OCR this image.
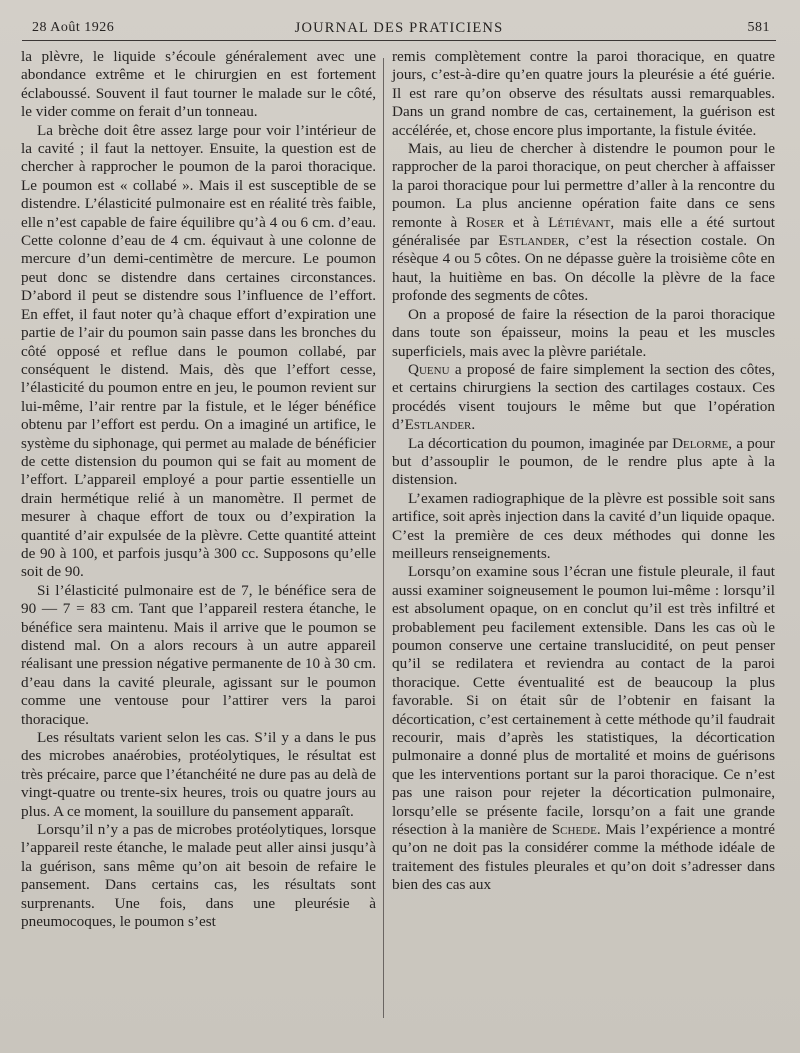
28 Août 1926	JOURNAL DES PRATICIENS	581

la plèvre, le liquide s’écoule généralement avec une abondance extrême et le chirurgien en est fortement éclaboussé. Souvent il faut tourner le malade sur le côté, le vider comme on ferait d’un tonneau.

La brèche doit être assez large pour voir l’intérieur de la cavité ; il faut la nettoyer. Ensuite, la question est de chercher à rapprocher le poumon de la paroi thoracique. Le poumon est « collabé ». Mais il est susceptible de se distendre. L’élasticité pulmonaire est en réalité très faible, elle n’est capable de faire équilibre qu’à 4 ou 6 cm. d’eau. Cette colonne d’eau de 4 cm. équivaut à une colonne de mercure d’un demi-centimètre de mercure. Le poumon peut donc se distendre dans certaines circonstances. D’abord il peut se distendre sous l’influence de l’effort. En effet, il faut noter qu’à chaque effort d’expiration une partie de l’air du poumon sain passe dans les bronches du côté opposé et reflue dans le poumon collabé, par conséquent le distend. Mais, dès que l’effort cesse, l’élasticité du poumon entre en jeu, le poumon revient sur lui-même, l’air rentre par la fistule, et le léger bénéfice obtenu par l’effort est perdu. On a imaginé un artifice, le système du siphonage, qui permet au malade de bénéficier de cette distension du poumon qui se fait au moment de l’effort. L’appareil employé a pour partie essentielle un drain hermétique relié à un manomètre. Il permet de mesurer à chaque effort de toux ou d’expiration la quantité d’air expulsée de la plèvre. Cette quantité atteint de 90 à 100, et parfois jusqu’à 300 cc. Supposons qu’elle soit de 90.

Si l’élasticité pulmonaire est de 7, le bénéfice sera de 90 — 7 = 83 cm. Tant que l’appareil restera étanche, le bénéfice sera maintenu. Mais il arrive que le poumon se distend mal. On a alors recours à un autre appareil réalisant une pression négative permanente de 10 à 30 cm. d’eau dans la cavité pleurale, agissant sur le poumon comme une ventouse pour l’attirer vers la paroi thoracique.

Les résultats varient selon les cas. S’il y a dans le pus des microbes anaérobies, protéolytiques, le résultat est très précaire, parce que l’étanchéité ne dure pas au delà de vingt-quatre ou trente-six heures, trois ou quatre jours au plus. A ce moment, la souillure du pansement apparaît.

Lorsqu’il n’y a pas de microbes protéolytiques, lorsque l’appareil reste étanche, le malade peut aller ainsi jusqu’à la guérison, sans même qu’on ait besoin de refaire le pansement. Dans certains cas, les résultats sont surprenants. Une fois, dans une pleurésie à pneumocoques, le poumon s’est

remis complètement contre la paroi thoracique, en quatre jours, c’est-à-dire qu’en quatre jours la pleurésie a été guérie. Il est rare qu’on observe des résultats aussi remarquables. Dans un grand nombre de cas, certainement, la guérison est accélérée, et, chose encore plus importante, la fistule évitée.

Mais, au lieu de chercher à distendre le poumon pour le rapprocher de la paroi thoracique, on peut chercher à affaisser la paroi thoracique pour lui permettre d’aller à la rencontre du poumon. La plus ancienne opération faite dans ce sens remonte à Roser et à Létiévant, mais elle a été surtout généralisée par Estlander, c’est la résection costale. On résèque 4 ou 5 côtes. On ne dépasse guère la troisième côte en haut, la huitième en bas. On décolle la plèvre de la face profonde des segments de côtes.

On a proposé de faire la résection de la paroi thoracique dans toute son épaisseur, moins la peau et les muscles superficiels, mais avec la plèvre pariétale.

Quenu a proposé de faire simplement la section des côtes, et certains chirurgiens la section des cartilages costaux. Ces procédés visent toujours le même but que l’opération d’Estlander.

La décortication du poumon, imaginée par Delorme, a pour but d’assouplir le poumon, de le rendre plus apte à la distension.

L’examen radiographique de la plèvre est possible soit sans artifice, soit après injection dans la cavité d’un liquide opaque. C’est la première de ces deux méthodes qui donne les meilleurs renseignements.

Lorsqu’on examine sous l’écran une fistule pleurale, il faut aussi examiner soigneusement le poumon lui-même : lorsqu’il est absolument opaque, on en conclut qu’il est très infiltré et probablement peu facilement extensible. Dans les cas où le poumon conserve une certaine translucidité, on peut penser qu’il se redilatera et reviendra au contact de la paroi thoracique. Cette éventualité est de beaucoup la plus favorable. Si on était sûr de l’obtenir en faisant la décortication, c’est certainement à cette méthode qu’il faudrait recourir, mais d’après les statistiques, la décortication pulmonaire a donné plus de mortalité et moins de guérisons que les interventions portant sur la paroi thoracique. Ce n’est pas une raison pour rejeter la décortication pulmonaire, lorsqu’elle se présente facile, lorsqu’on a fait une grande résection à la manière de Schede. Mais l’expérience a montré qu’on ne doit pas la considérer comme la méthode idéale de traitement des fistules pleurales et qu’on doit s’adresser dans bien des cas aux
